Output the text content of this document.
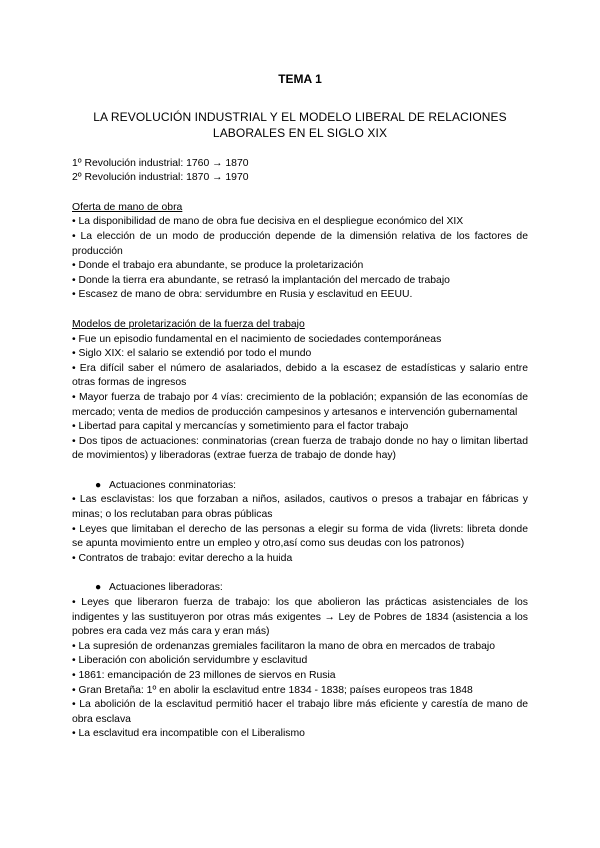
TEMA 1
LA REVOLUCIÓN INDUSTRIAL Y EL MODELO LIBERAL DE RELACIONES
LABORALES EN EL SIGLO XIX
1º Revolución industrial: 1760 → 1870
2º Revolución industrial: 1870 → 1970
Oferta de mano de obra

• La disponibilidad de mano de obra fue decisiva en el despliegue económico del XIX

• La elección de un modo de producción depende de la dimensión relativa de los factores de producción

• Donde el trabajo era abundante, se produce la proletarización

• Donde la tierra era abundante, se retrasó la implantación del mercado de trabajo

• Escasez de mano de obra: servidumbre en Rusia y esclavitud en EEUU.

Modelos de proletarización de la fuerza del trabajo

• Fue un episodio fundamental en el nacimiento de sociedades contemporáneas

• Siglo XIX: el salario se extendió por todo el mundo

• Era difícil saber el número de asalariados, debido a la escasez de estadísticas y salario entre otras formas de ingresos

• Mayor fuerza de trabajo por 4 vías: crecimiento de la población; expansión de las economías de mercado; venta de medios de producción campesinos y artesanos e intervención gubernamental

• Libertad para capital y mercancías y sometimiento para el factor trabajo

• Dos tipos de actuaciones: conminatorias (crean fuerza de trabajo donde no hay o limitan libertad de movimientos) y liberadoras (extrae fuerza de trabajo de donde hay)

● Actuaciones conminatorias:

• Las esclavistas: los que forzaban a niños, asilados, cautivos o presos a trabajar en fábricas y minas; o los reclutaban para obras públicas

• Leyes que limitaban el derecho de las personas a elegir su forma de vida (livrets: libreta donde se apunta movimiento entre un empleo y otro,así como sus deudas con los patronos)

• Contratos de trabajo: evitar derecho a la huida

● Actuaciones liberadoras:

• Leyes que liberaron fuerza de trabajo: los que abolieron las prácticas asistenciales de los indigentes y las sustituyeron por otras más exigentes → Ley de Pobres de 1834 (asistencia a los pobres era cada vez más cara y eran más)

• La supresión de ordenanzas gremiales facilitaron la mano de obra en mercados de trabajo

• Liberación con abolición servidumbre y esclavitud

• 1861: emancipación de 23 millones de siervos en Rusia

• Gran Bretaña: 1º en abolir la esclavitud entre 1834 - 1838; países europeos tras 1848

• La abolición de la esclavitud permitió hacer el trabajo libre más eficiente y carestía de mano de obra esclava

• La esclavitud era incompatible con el Liberalismo
